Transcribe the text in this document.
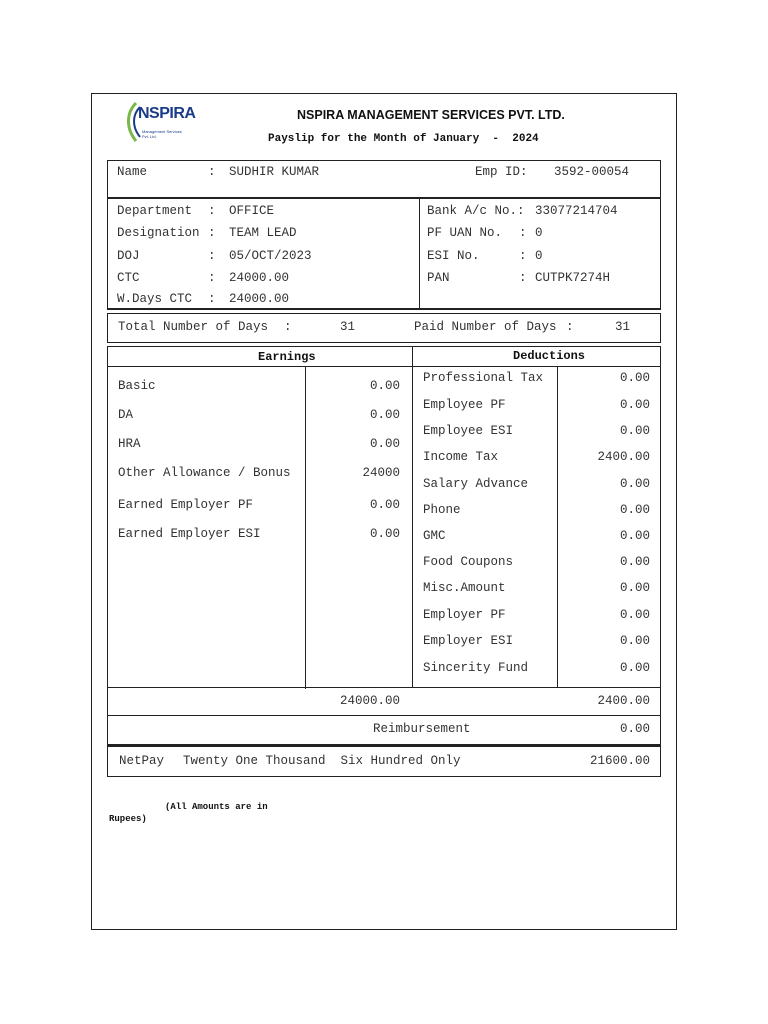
NSPIRA
Management Services Pvt. Ltd.
NSPIRA MANAGEMENT SERVICES PVT. LTD.
Payslip for the Month of January  -  2024
Name	: SUDHIR KUMAR	Emp ID: 3592-00054
Department : OFFICE
Designation : TEAM LEAD
DOJ	: 05/OCT/2023
CTC	: 24000.00
W.Days CTC : 24000.00
Bank A/c No.: 33077214704
PF UAN No. : 0
ESI No.	: 0
PAN	: CUTPK7274H
Total Number of Days :	31	Paid Number of Days :	31
Earnings	Deductions
Basic	0.00
DA	0.00
HRA	0.00
Other Allowance / Bonus	24000
Earned Employer PF	0.00
Earned Employer ESI	0.00
Professional Tax	0.00
Employee PF	0.00
Employee ESI	0.00
Income Tax	2400.00
Salary Advance	0.00
Phone	0.00
GMC	0.00
Food Coupons	0.00
Misc.Amount	0.00
Employer PF	0.00
Employer ESI	0.00
Sincerity Fund	0.00
24000.00	2400.00
Reimbursement	0.00
NetPay Twenty One Thousand  Six Hundred Only	21600.00
(All Amounts are in
Rupees)
